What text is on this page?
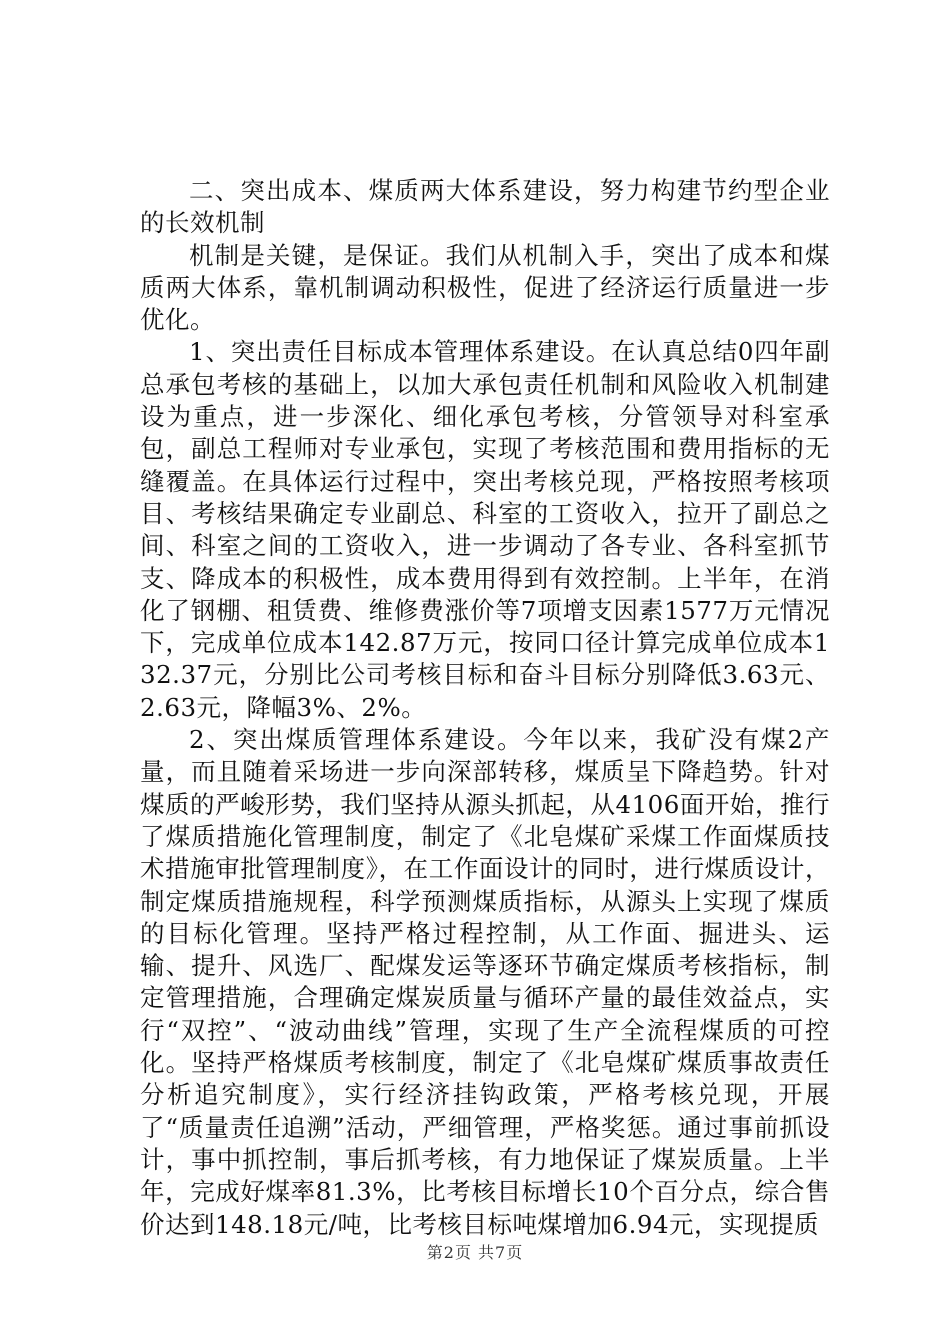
二、突出成本、煤质两大体系建设，努力构建节约型企业的长效机制

机制是关键，是保证。我们从机制入手，突出了成本和煤质两大体系，靠机制调动积极性，促进了经济运行质量进一步优化。

1、突出责任目标成本管理体系建设。在认真总结0四年副总承包考核的基础上，以加大承包责任机制和风险收入机制建设为重点，进一步深化、细化承包考核，分管领导对科室承包，副总工程师对专业承包，实现了考核范围和费用指标的无缝覆盖。在具体运行过程中，突出考核兑现，严格按照考核项目、考核结果确定专业副总、科室的工资收入，拉开了副总之间、科室之间的工资收入，进一步调动了各专业、各科室抓节支、降成本的积极性，成本费用得到有效控制。上半年，在消化了钢棚、租赁费、维修费涨价等7项增支因素1577万元情况下，完成单位成本142.87万元，按同口径计算完成单位成本132.37元，分别比公司考核目标和奋斗目标分别降低3.63元、2.63元，降幅3%、2%。

2、突出煤质管理体系建设。今年以来，我矿没有煤2产量，而且随着采场进一步向深部转移，煤质呈下降趋势。针对煤质的严峻形势，我们坚持从源头抓起，从4106面开始，推行了煤质措施化管理制度，制定了《北皂煤矿采煤工作面煤质技术措施审批管理制度》，在工作面设计的同时，进行煤质设计，制定煤质措施规程，科学预测煤质指标，从源头上实现了煤质的目标化管理。坚持严格过程控制，从工作面、掘进头、运输、提升、风选厂、配煤发运等逐环节确定煤质考核指标，制定管理措施，合理确定煤炭质量与循环产量的最佳效益点，实行“双控”、“波动曲线”管理，实现了生产全流程煤质的可控化。坚持严格煤质考核制度，制定了《北皂煤矿煤质事故责任分析追究制度》，实行经济挂钩政策，严格考核兑现，开展了“质量责任追溯”活动，严细管理，严格奖惩。通过事前抓设计，事中抓控制，事后抓考核，有力地保证了煤炭质量。上半年，完成好煤率81.3%，比考核目标增长10个百分点，综合售价达到148.18元/吨，比考核目标吨煤增加6.94元，实现提质

第2页 共7页
